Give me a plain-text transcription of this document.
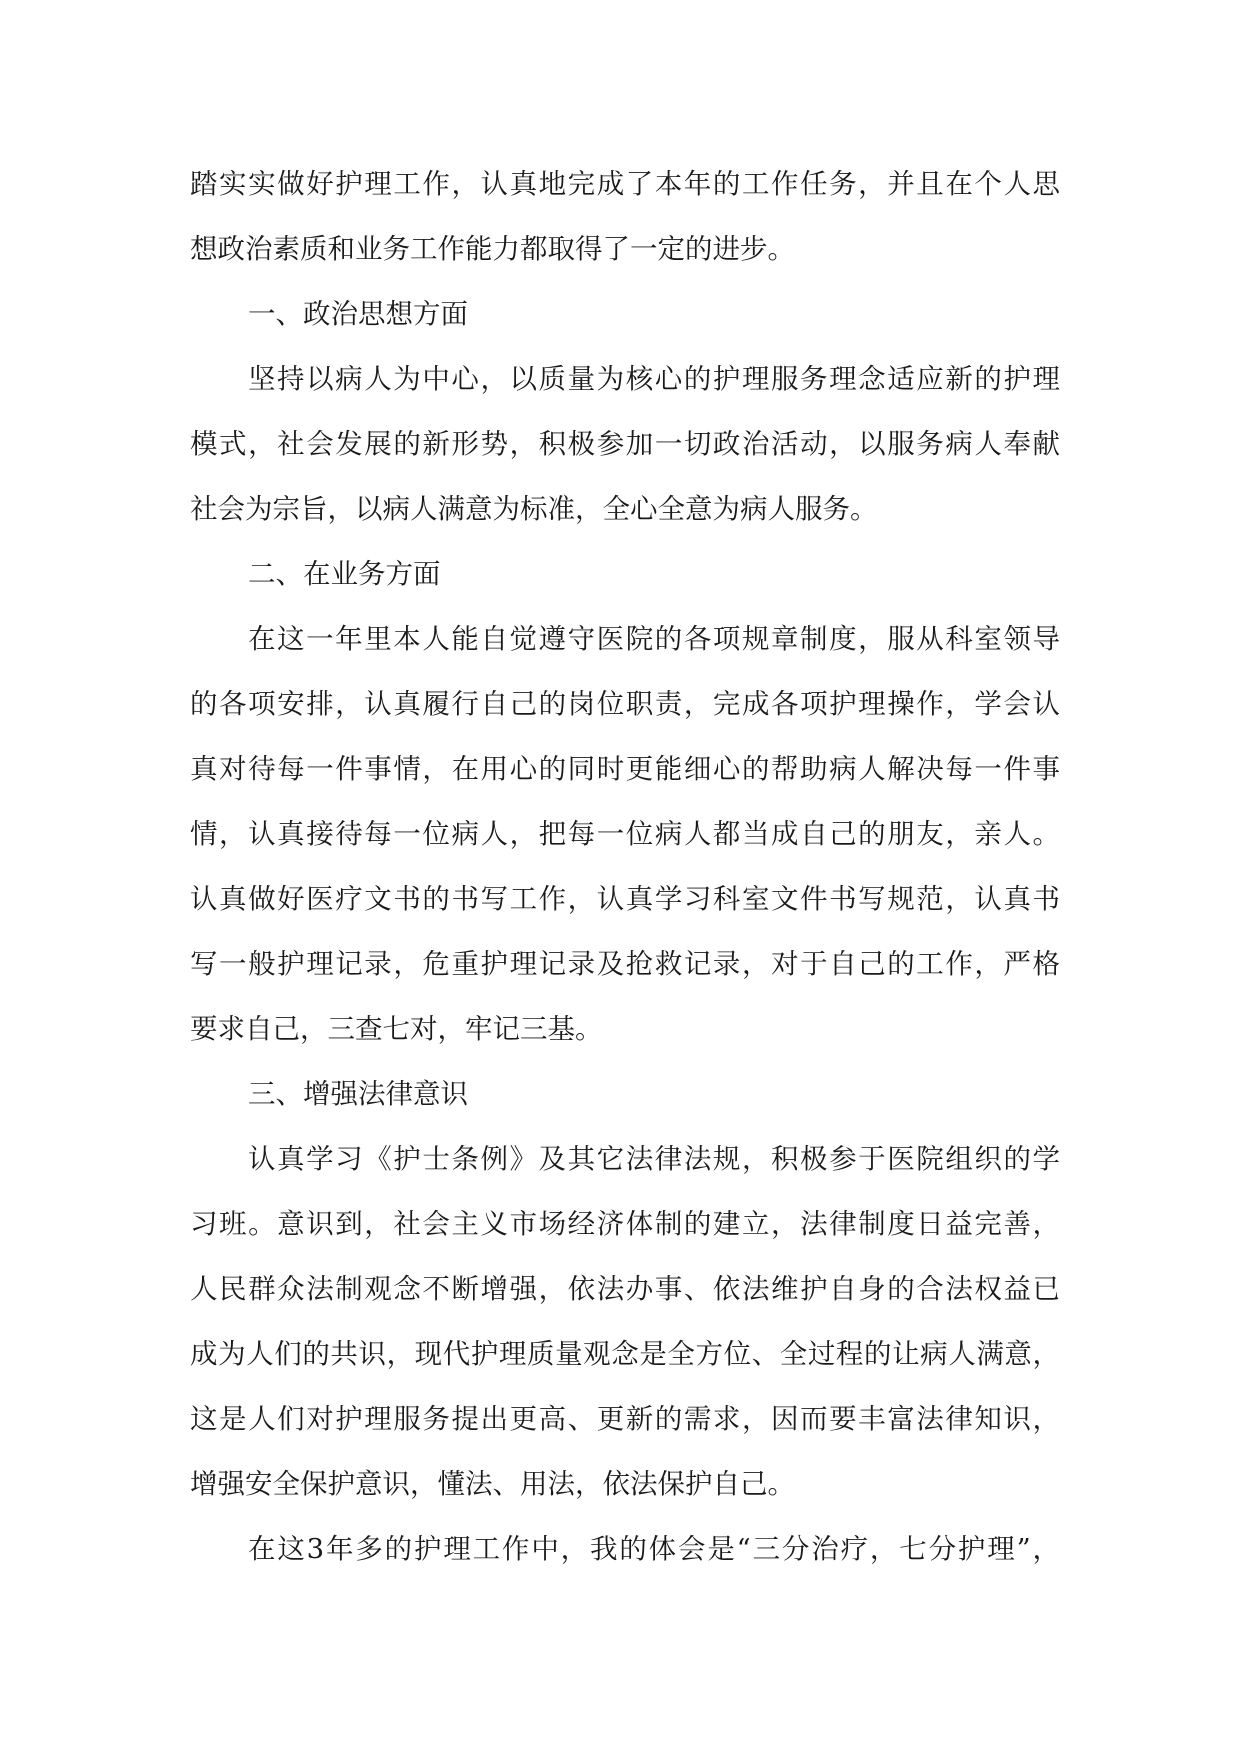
踏实实做好护理工作，认真地完成了本年的工作任务，并且在个人思
想政治素质和业务工作能力都取得了一定的进步。
一、政治思想方面
坚持以病人为中心，以质量为核心的护理服务理念适应新的护理
模式，社会发展的新形势，积极参加一切政治活动，以服务病人奉献
社会为宗旨，以病人满意为标准，全心全意为病人服务。
二、在业务方面
在这一年里本人能自觉遵守医院的各项规章制度，服从科室领导
的各项安排，认真履行自己的岗位职责，完成各项护理操作，学会认
真对待每一件事情，在用心的同时更能细心的帮助病人解决每一件事
情，认真接待每一位病人，把每一位病人都当成自己的朋友，亲人。
认真做好医疗文书的书写工作，认真学习科室文件书写规范，认真书
写一般护理记录，危重护理记录及抢救记录，对于自己的工作，严格
要求自己，三查七对，牢记三基。
三、增强法律意识
认真学习《护士条例》及其它法律法规，积极参于医院组织的学
习班。意识到，社会主义市场经济体制的建立，法律制度日益完善，
人民群众法制观念不断增强，依法办事、依法维护自身的合法权益已
成为人们的共识，现代护理质量观念是全方位、全过程的让病人满意，
这是人们对护理服务提出更高、更新的需求，因而要丰富法律知识，
增强安全保护意识，懂法、用法，依法保护自己。
在这3年多的护理工作中，我的体会是“三分治疗，七分护理”，
